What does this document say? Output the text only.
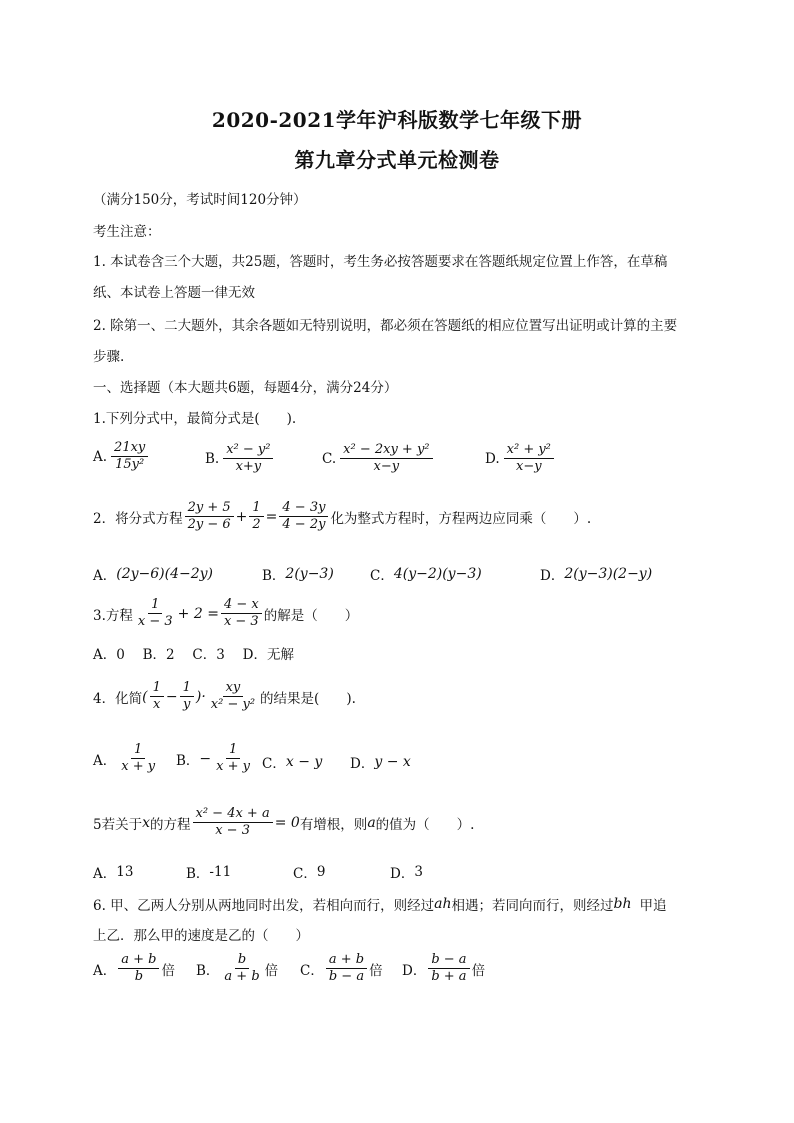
2020-2021学年沪科版数学七年级下册
第九章分式单元检测卷
（满分150分，考试时间120分钟）
考生注意：
1. 本试卷含三个大题，共25题，答题时，考生务必按答题要求在答题纸规定位置上作答，在草稿
纸、本试卷上答题一律无效
2. 除第一、二大题外，其余各题如无特别说明，都必须在答题纸的相应位置写出证明或计算的主要
步骤.
一、选择题（本大题共6题，每题4分，满分24分）
1.下列分式中，最简分式是(　　).
A. $\frac{21xy}{\text{15y²}}$	B. $\frac{\text{x² − y²}}{x+y}$	C. $\frac{\text{x² − 2xy + y²}}{x-y}$	D. $\frac{\text{x² + y²}}{x-y}$
2．将分式方程 $\frac{2y + 5}{2y - 6} + \frac{1}{2} = \frac{4 - 3y}{4 - 2y}$ 化为整式方程时，方程两边应同乘（　　）.
A． (2y−6)(4−2y)	B． 2(y−3)	C． 4(y−2)(y−3)	D． 2(y−3)(2−y)
3.方程 $\frac{1}{x - 3} + 2 = \frac{4 - x}{x - 3}$ 的解是（　　）
A．0　 B．2　 C．3　 D．无解
4．化简 ( $\frac{1}{x} - \frac{1}{y}$ )· $\frac{xy}{\text{x² − y²}}$ 的结果是(　　).
A． $\frac{1}{x + y}$ B． − $\frac{1}{x + y}$ C． x − y D． y − x
5若关于 x 的方程 $\frac{\text{x² − 4x + a}}{x - 3} = 0$ 有增根，则 a 的值为（　　）.
A． 13	B． -11	C． 9	D． 3
6. 甲、乙两人分别从两地同时出发，若相向而行，则经过 ah 相遇；若同向而行，则经过 bh 甲追
上乙．那么甲的速度是乙的（　　）
A． $\frac{a + b}{b}$ 倍 B． $\frac{b}{a + b}$ 倍 C． $\frac{a + b}{b - a}$ 倍 D． $\frac{b - a}{b + a}$ 倍
